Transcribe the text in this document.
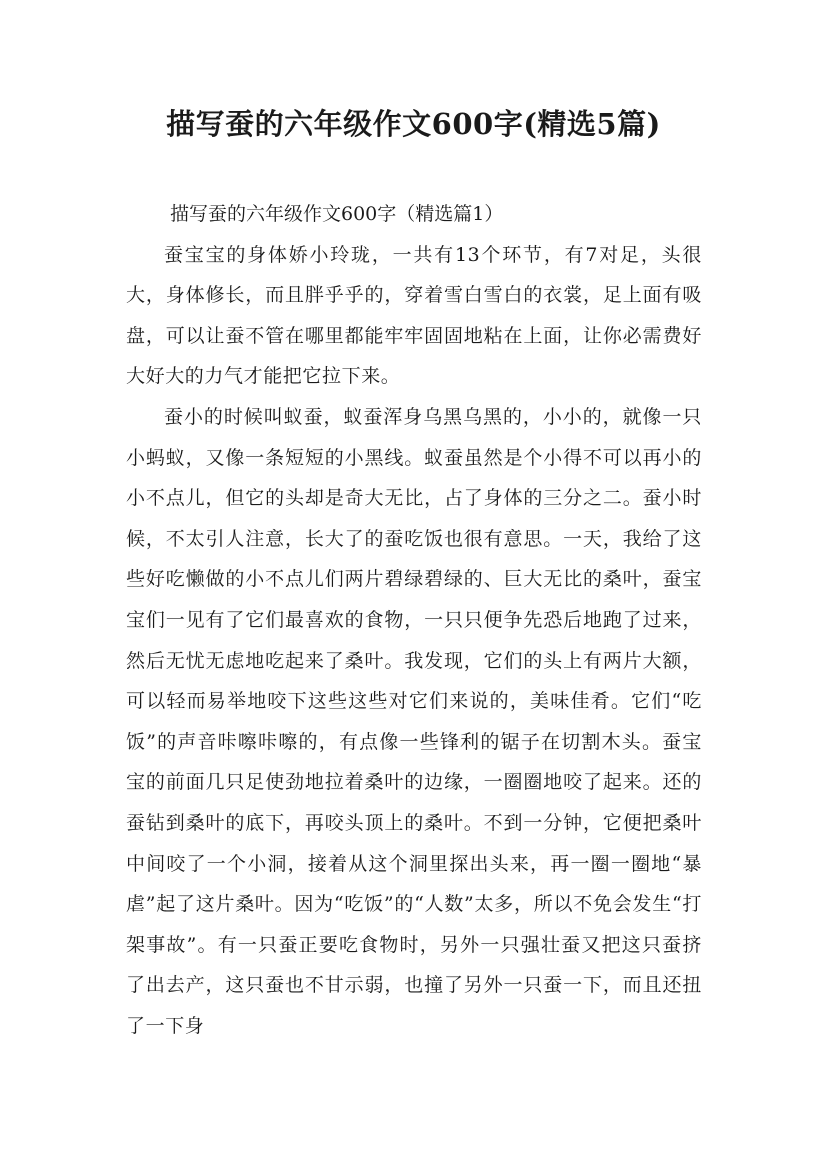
描写蚕的六年级作文600字(精选5篇)
描写蚕的六年级作文600字（精选篇1）

蚕宝宝的身体娇小玲珑，一共有13个环节，有7对足，头很大，身体修长，而且胖乎乎的，穿着雪白雪白的衣裳，足上面有吸盘，可以让蚕不管在哪里都能牢牢固固地粘在上面，让你必需费好大好大的力气才能把它拉下来。

蚕小的时候叫蚁蚕，蚁蚕浑身乌黑乌黑的，小小的，就像一只小蚂蚁，又像一条短短的小黑线。蚁蚕虽然是个小得不可以再小的小不点儿，但它的头却是奇大无比，占了身体的三分之二。蚕小时候，不太引人注意，长大了的蚕吃饭也很有意思。一天，我给了这些好吃懒做的小不点儿们两片碧绿碧绿的、巨大无比的桑叶，蚕宝宝们一见有了它们最喜欢的食物，一只只便争先恐后地跑了过来，然后无忧无虑地吃起来了桑叶。我发现，它们的头上有两片大额，可以轻而易举地咬下这些这些对它们来说的，美味佳肴。它们“吃饭”的声音咔嚓咔嚓的，有点像一些锋利的锯子在切割木头。蚕宝宝的前面几只足使劲地拉着桑叶的边缘，一圈圈地咬了起来。还的蚕钻到桑叶的底下，再咬头顶上的桑叶。不到一分钟，它便把桑叶中间咬了一个小洞，接着从这个洞里探出头来，再一圈一圈地“暴虐”起了这片桑叶。因为“吃饭”的“人数”太多，所以不免会发生“打架事故”。有一只蚕正要吃食物时，另外一只强壮蚕又把这只蚕挤了出去产，这只蚕也不甘示弱，也撞了另外一只蚕一下，而且还扭了一下身
